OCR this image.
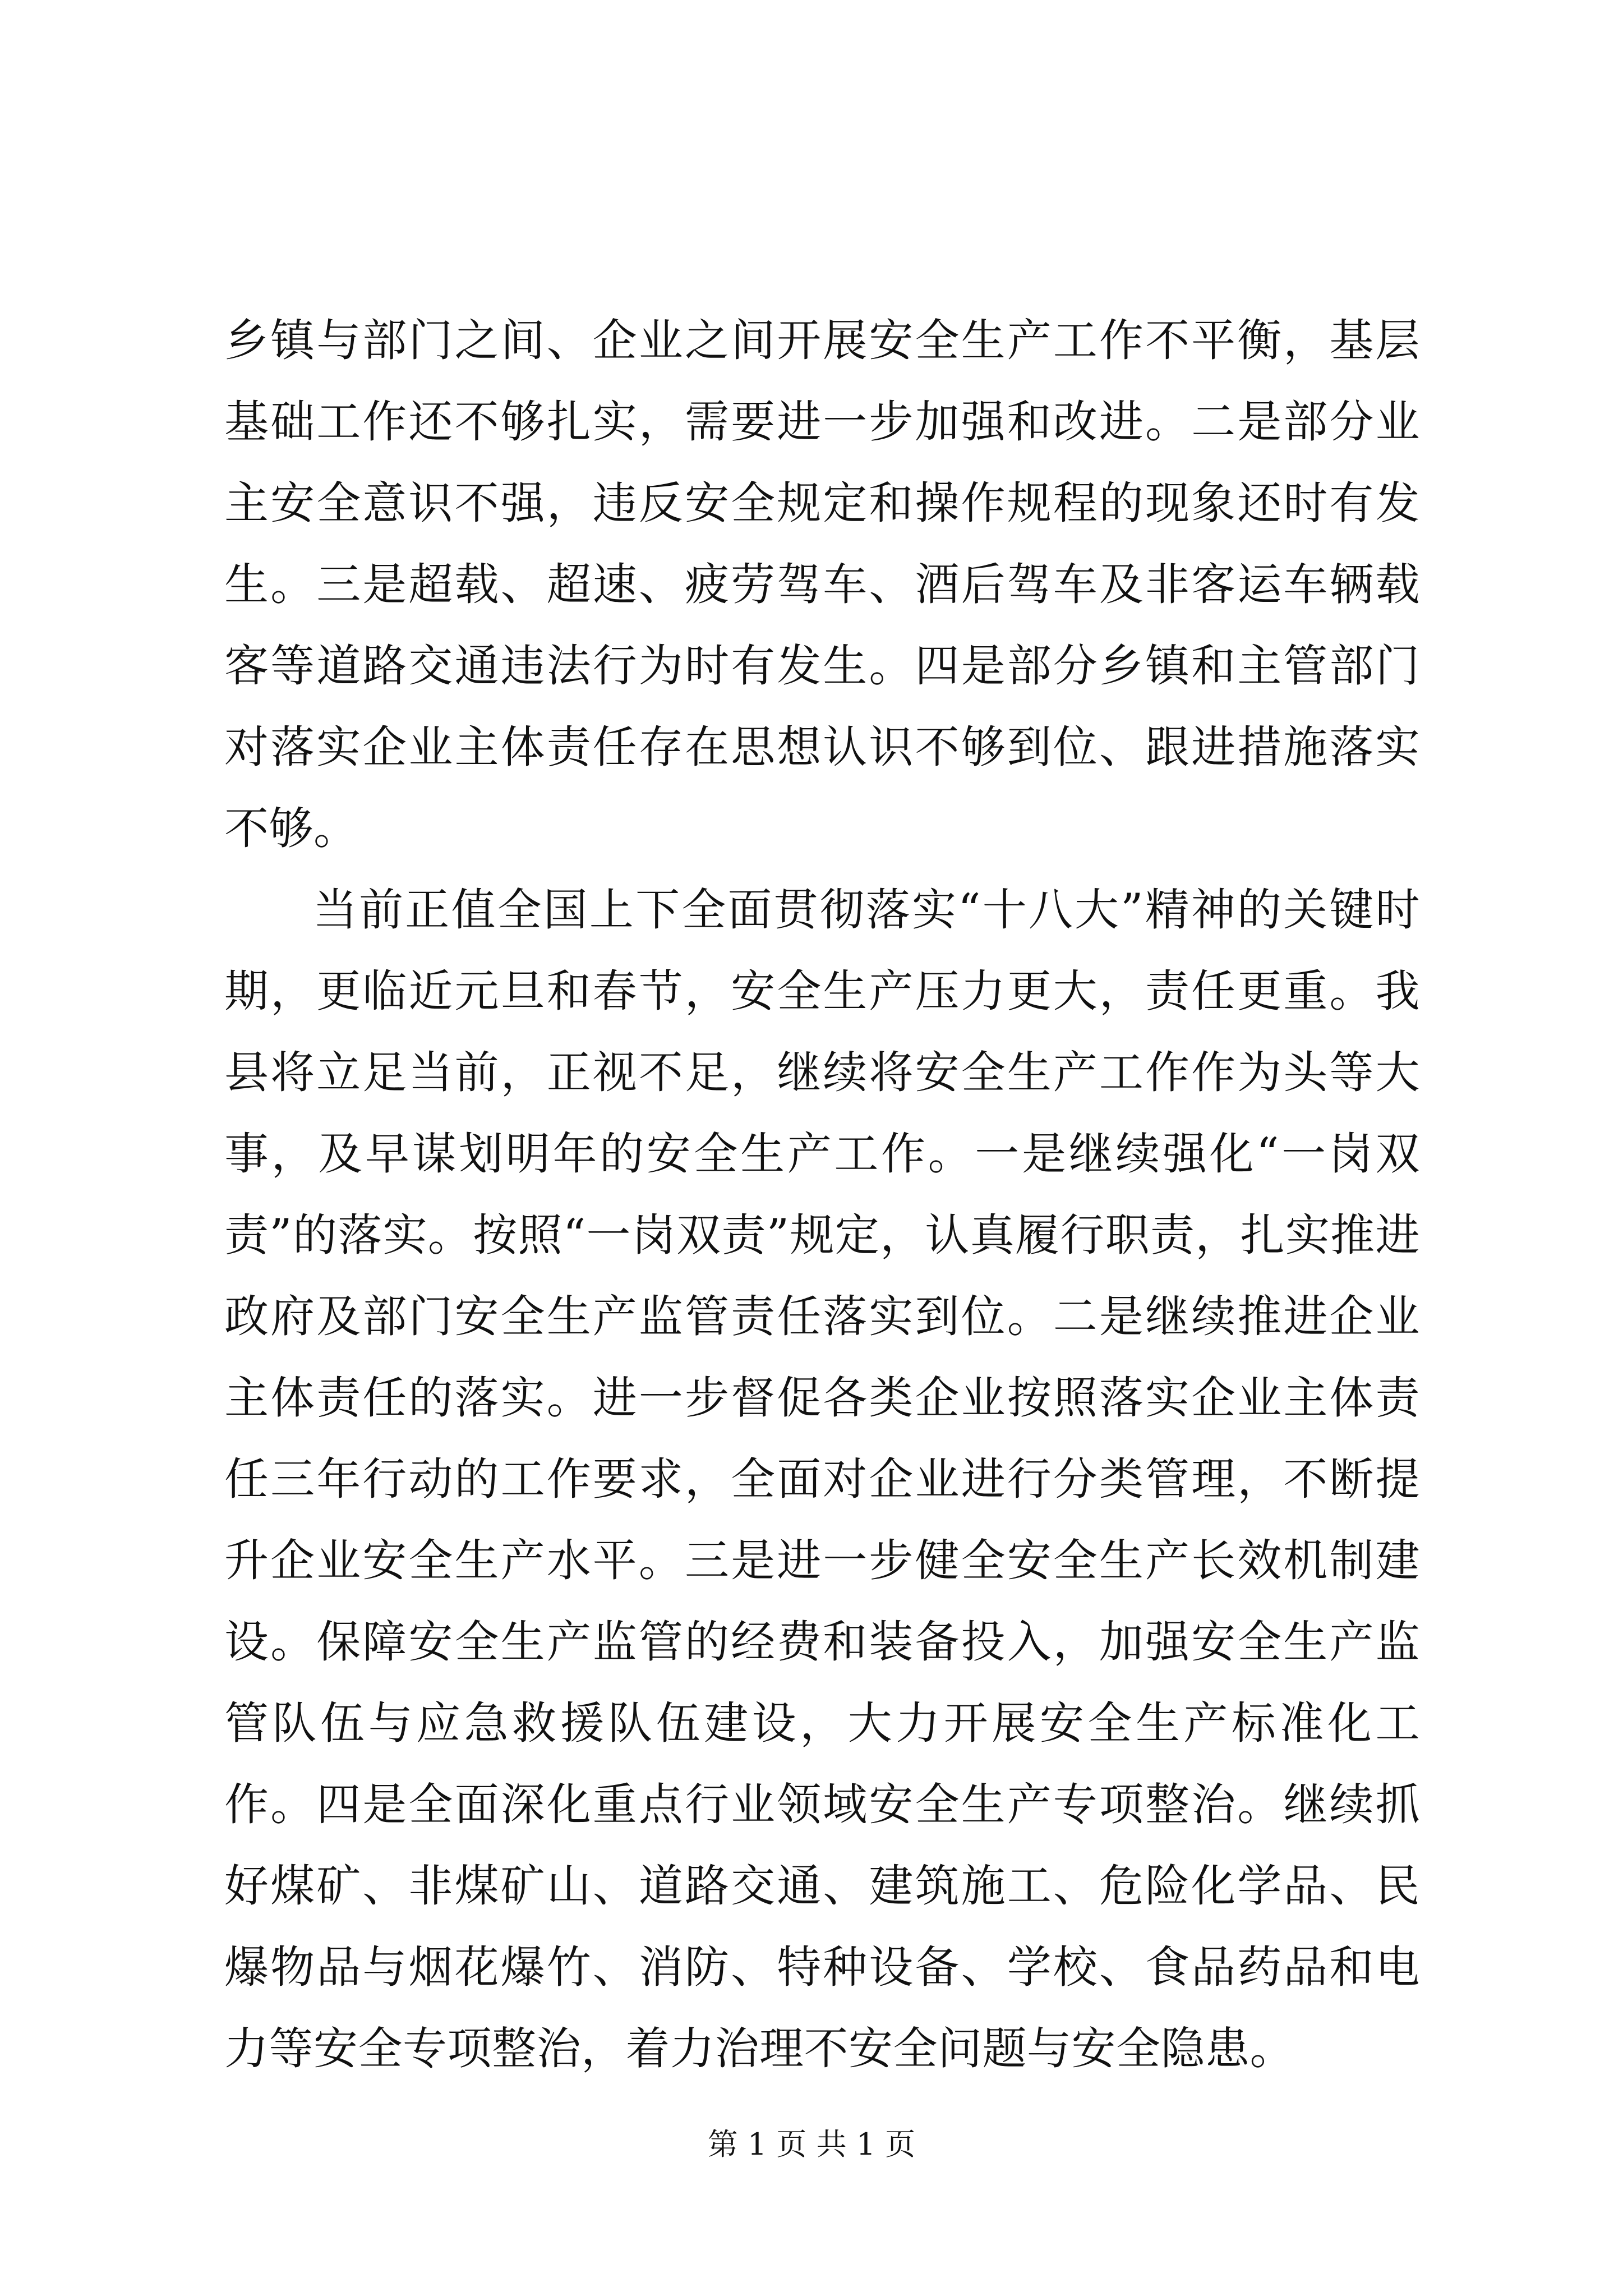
乡镇与部门之间、企业之间开展安全生产工作不平衡，基层基础工作还不够扎实，需要进一步加强和改进。二是部分业主安全意识不强，违反安全规定和操作规程的现象还时有发生。三是超载、超速、疲劳驾车、酒后驾车及非客运车辆载客等道路交通违法行为时有发生。四是部分乡镇和主管部门对落实企业主体责任存在思想认识不够到位、跟进措施落实不够。

当前正值全国上下全面贯彻落实“十八大”精神的关键时期，更临近元旦和春节，安全生产压力更大，责任更重。我县将立足当前，正视不足，继续将安全生产工作作为头等大事，及早谋划明年的安全生产工作。一是继续强化“一岗双责”的落实。按照“一岗双责”规定，认真履行职责，扎实推进政府及部门安全生产监管责任落实到位。二是继续推进企业主体责任的落实。进一步督促各类企业按照落实企业主体责任三年行动的工作要求，全面对企业进行分类管理，不断提升企业安全生产水平。三是进一步健全安全生产长效机制建设。保障安全生产监管的经费和装备投入，加强安全生产监管队伍与应急救援队伍建设，大力开展安全生产标准化工作。四是全面深化重点行业领域安全生产专项整治。继续抓好煤矿、非煤矿山、道路交通、建筑施工、危险化学品、民爆物品与烟花爆竹、消防、特种设备、学校、食品药品和电力等安全专项整治，着力治理不安全问题与安全隐患。

第 1 页 共 1 页
